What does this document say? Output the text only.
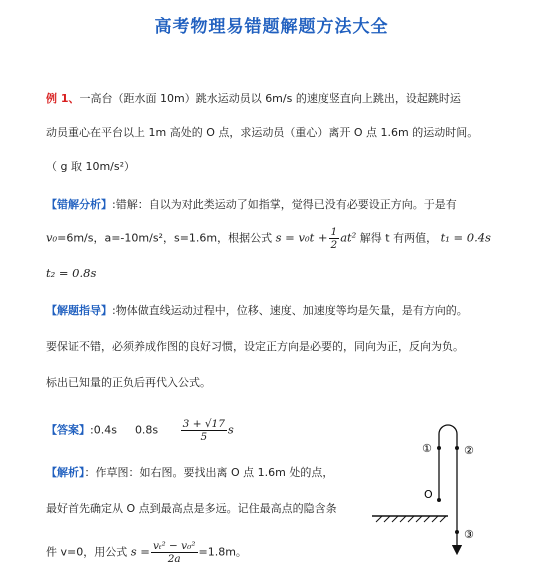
高考物理易错题解题方法大全
例 1、一高台（距水面 10m）跳水运动员以 6m/s 的速度竖直向上跳出，设起跳时运
动员重心在平台以上 1m 高处的 O 点，求运动员（重心）离开 O 点 1.6m 的运动时间。
（ g 取 10m/s²）
【错解分析】:错解：自以为对此类运动了如指掌，觉得已没有必要设正方向。于是有
v₀=6m/s，a=-10m/s²，s=1.6m，根据公式 $s = v_0t + \frac{1}{2} at^2$ 解得 t 有两值， t₁ = 0.4s
t₂ = 0.8s
【解题指导】:物体做直线运动过程中，位移、速度、加速度等均是矢量，是有方向的。
要保证不错，必须养成作图的良好习惯，设定正方向是必要的，同向为正，反向为负。
标出已知量的正负后再代入公式。
【答案】:0.4s $0.8s \frac{3 + √17}{5}$ s
【解析】：作草图：如右图。要找出离 O 点 1.6m 处的点，
最好首先确定从 O 点到最高点是多远。记住最高点的隐含条
件 v=0，用公式 $s = \frac{\text{vₜ² − v₀²}}{2a} =1.8m$。
①	②
③
O
